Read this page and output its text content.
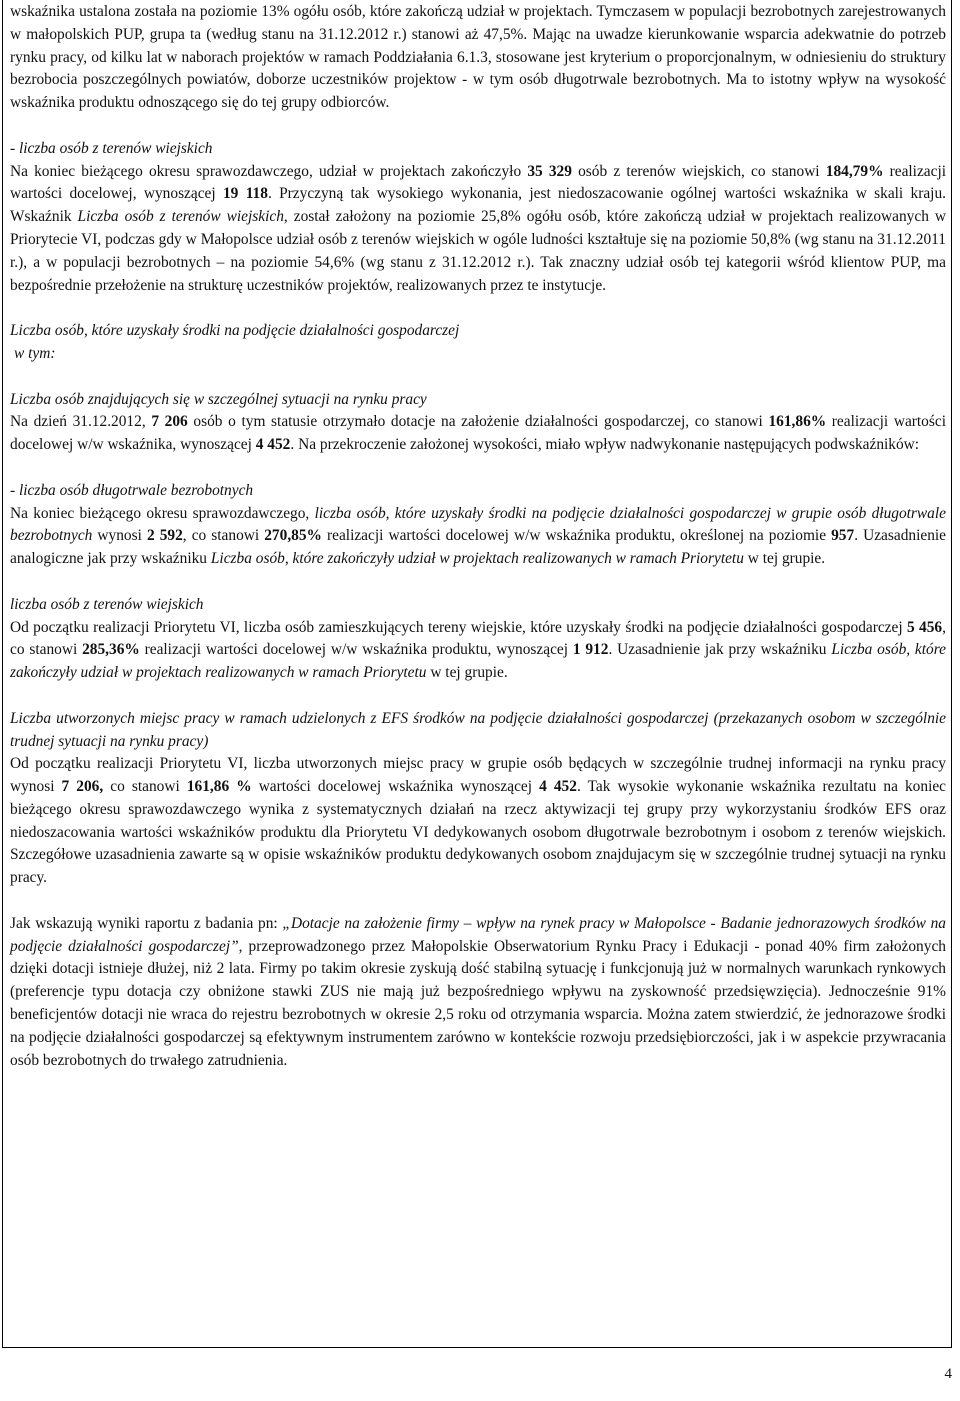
wskaźnika ustalona została na poziomie 13% ogółu osób, które zakończą udział w projektach. Tymczasem w populacji bezrobotnych zarejestrowanych w małopolskich PUP, grupa ta (według stanu na 31.12.2012 r.) stanowi aż 47,5%. Mając na uwadze kierunkowanie wsparcia adekwatnie do potrzeb rynku pracy, od kilku lat w naborach projektów w ramach Poddziałania 6.1.3, stosowane jest kryterium o proporcjonalnym, w odniesieniu do struktury bezrobocia poszczególnych powiatów, doborze uczestników projektow - w tym osób długotrwale bezrobotnych. Ma to istotny wpływ na wysokość wskaźnika produktu odnoszącego się do tej grupy odbiorców.

- liczba osób z terenów wiejskich

Na koniec bieżącego okresu sprawozdawczego, udział w projektach zakończyło 35 329 osób z terenów wiejskich, co stanowi 184,79% realizacji wartości docelowej, wynoszącej 19 118. Przyczyną tak wysokiego wykonania, jest niedoszacowanie ogólnej wartości wskaźnika w skali kraju. Wskaźnik Liczba osób z terenów wiejskich, został założony na poziomie 25,8% ogółu osób, które zakończą udział w projektach realizowanych w Priorytecie VI, podczas gdy w Małopolsce udział osób z terenów wiejskich w ogóle ludności kształtuje się na poziomie 50,8% (wg stanu na 31.12.2011 r.), a w populacji bezrobotnych – na poziomie 54,6% (wg stanu z 31.12.2012 r.). Tak znaczny udział osób tej kategorii wśród klientow PUP, ma bezpośrednie przełożenie na strukturę uczestników projektów, realizowanych przez te instytucje.

Liczba osób, które uzyskały środki na podjęcie działalności gospodarczej

w tym:

Liczba osób znajdujących się w szczególnej sytuacji na rynku pracy

Na dzień 31.12.2012, 7 206 osób o tym statusie otrzymało dotacje na założenie działalności gospodarczej, co stanowi 161,86% realizacji wartości docelowej w/w wskaźnika, wynoszącej 4 452. Na przekroczenie założonej wysokości, miało wpływ nadwykonanie następujących podwskaźników:

- liczba osób długotrwale bezrobotnych

Na koniec bieżącego okresu sprawozdawczego, liczba osób, które uzyskały środki na podjęcie działalności gospodarczej w grupie osób długotrwale bezrobotnych wynosi 2 592, co stanowi 270,85% realizacji wartości docelowej w/w wskaźnika produktu, określonej na poziomie 957. Uzasadnienie analogiczne jak przy wskaźniku Liczba osób, które zakończyły udział w projektach realizowanych w ramach Priorytetu w tej grupie.

liczba osób z terenów wiejskich

Od początku realizacji Priorytetu VI, liczba osób zamieszkujących tereny wiejskie, które uzyskały środki na podjęcie działalności gospodarczej 5 456, co stanowi 285,36% realizacji wartości docelowej w/w wskaźnika produktu, wynoszącej 1 912. Uzasadnienie jak przy wskaźniku Liczba osób, które zakończyły udział w projektach realizowanych w ramach Priorytetu w tej grupie.

Liczba utworzonych miejsc pracy w ramach udzielonych z EFS środków na podjęcie działalności gospodarczej (przekazanych osobom w szczególnie trudnej sytuacji na rynku pracy)

Od początku realizacji Priorytetu VI, liczba utworzonych miejsc pracy w grupie osób będących w szczególnie trudnej informacji na rynku pracy wynosi 7 206, co stanowi 161,86 % wartości docelowej wskaźnika wynoszącej 4 452. Tak wysokie wykonanie wskaźnika rezultatu na koniec bieżącego okresu sprawozdawczego wynika z systematycznych działań na rzecz aktywizacji tej grupy przy wykorzystaniu środków EFS oraz niedoszacowania wartości wskaźników produktu dla Priorytetu VI dedykowanych osobom długotrwale bezrobotnym i osobom z terenów wiejskich. Szczegółowe uzasadnienia zawarte są w opisie wskaźników produktu dedykowanych osobom znajdujacym się w szczególnie trudnej sytuacji na rynku pracy.

Jak wskazują wyniki raportu z badania pn: „Dotacje na założenie firmy – wpływ na rynek pracy w Małopolsce - Badanie jednorazowych środków na podjęcie działalności gospodarczej”, przeprowadzonego przez Małopolskie Obserwatorium Rynku Pracy i Edukacji - ponad 40% firm założonych dzięki dotacji istnieje dłużej, niż 2 lata. Firmy po takim okresie zyskują dość stabilną sytuację i funkcjonują już w normalnych warunkach rynkowych (preferencje typu dotacja czy obniżone stawki ZUS nie mają już bezpośredniego wpływu na zyskowność przedsięwzięcia). Jednocześnie 91% beneficjentów dotacji nie wraca do rejestru bezrobotnych w okresie 2,5 roku od otrzymania wsparcia. Można zatem stwierdzić, że jednorazowe środki na podjęcie działalności gospodarczej są efektywnym instrumentem zarówno w kontekście rozwoju przedsiębiorczości, jak i w aspekcie przywracania osób bezrobotnych do trwałego zatrudnienia.

4
